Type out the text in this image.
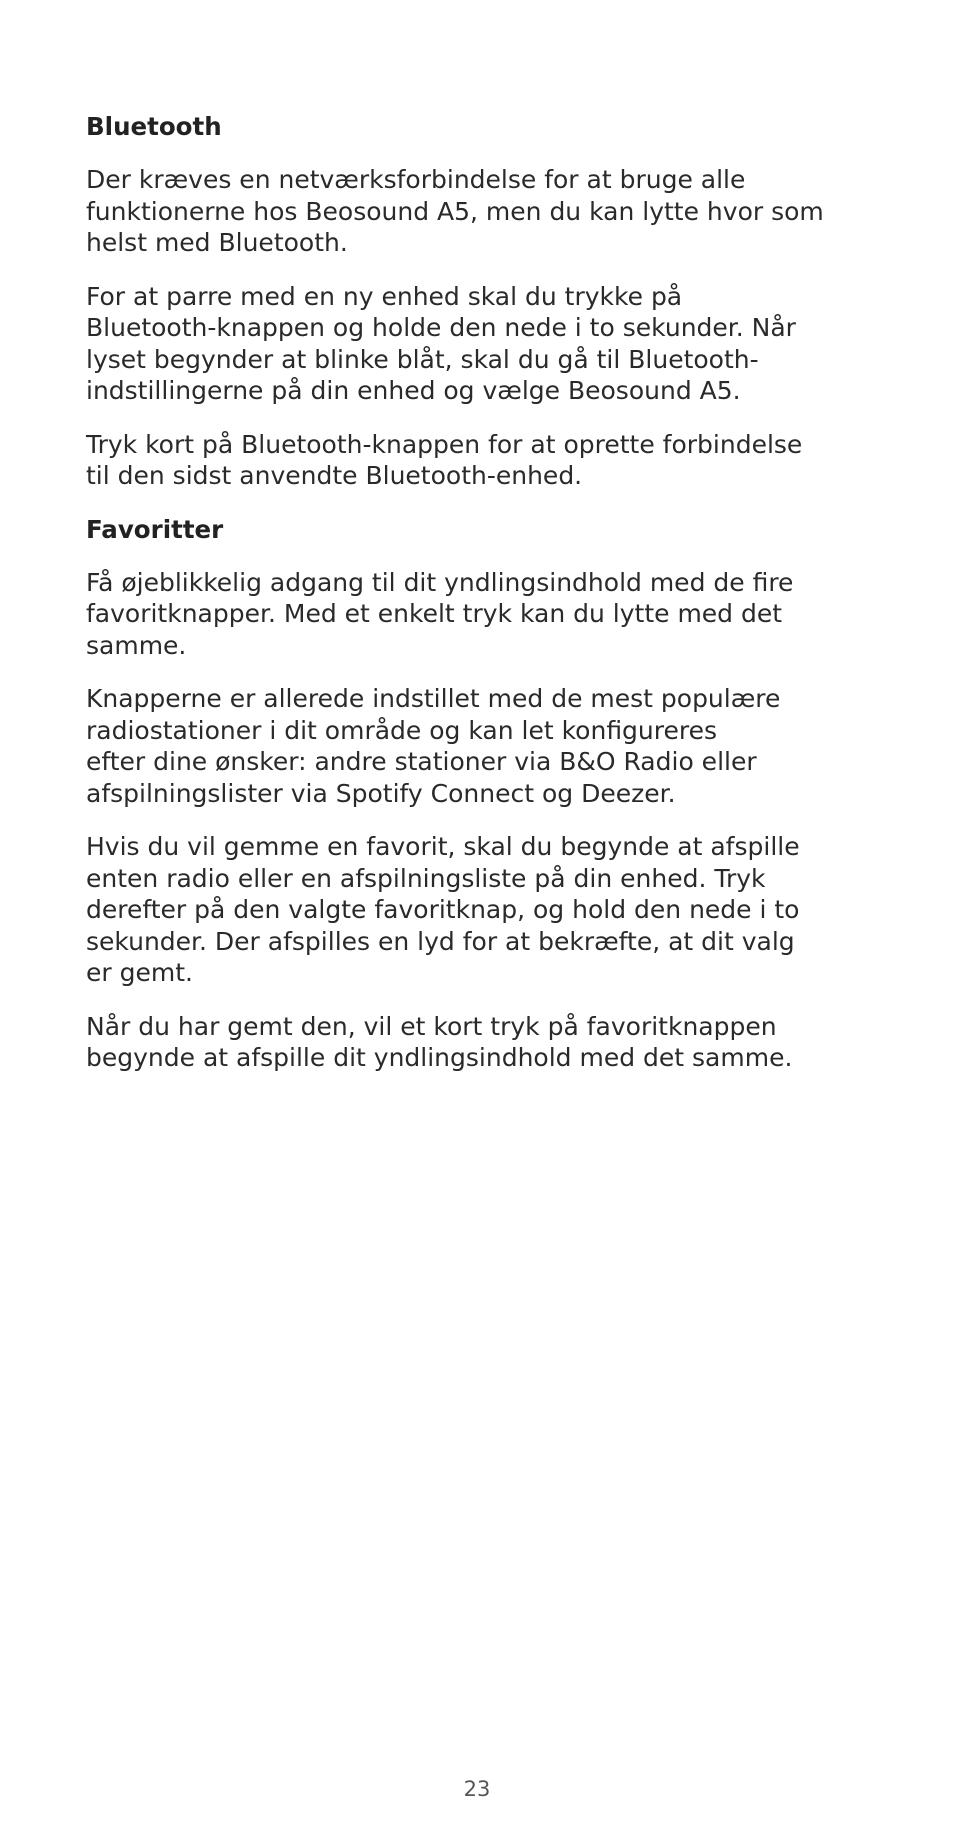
Bluetooth
Der kræves en netværksforbindelse for at bruge alle
funktionerne hos Beosound A5, men du kan lytte hvor som
helst med Bluetooth.
For at parre med en ny enhed skal du trykke på
Bluetooth-knappen og holde den nede i to sekunder. Når
lyset begynder at blinke blåt, skal du gå til Bluetooth-
indstillingerne på din enhed og vælge Beosound A5.
Tryk kort på Bluetooth-knappen for at oprette forbindelse
til den sidst anvendte Bluetooth-enhed.
Favoritter
Få øjeblikkelig adgang til dit yndlingsindhold med de fire
favoritknapper. Med et enkelt tryk kan du lytte med det
samme.
Knapperne er allerede indstillet med de mest populære
radiostationer i dit område og kan let konfigureres
efter dine ønsker: andre stationer via B&O Radio eller
afspilningslister via Spotify Connect og Deezer.
Hvis du vil gemme en favorit, skal du begynde at afspille
enten radio eller en afspilningsliste på din enhed. Tryk
derefter på den valgte favoritknap, og hold den nede i to
sekunder. Der afspilles en lyd for at bekræfte, at dit valg
er gemt.
Når du har gemt den, vil et kort tryk på favoritknappen
begynde at afspille dit yndlingsindhold med det samme.
23
